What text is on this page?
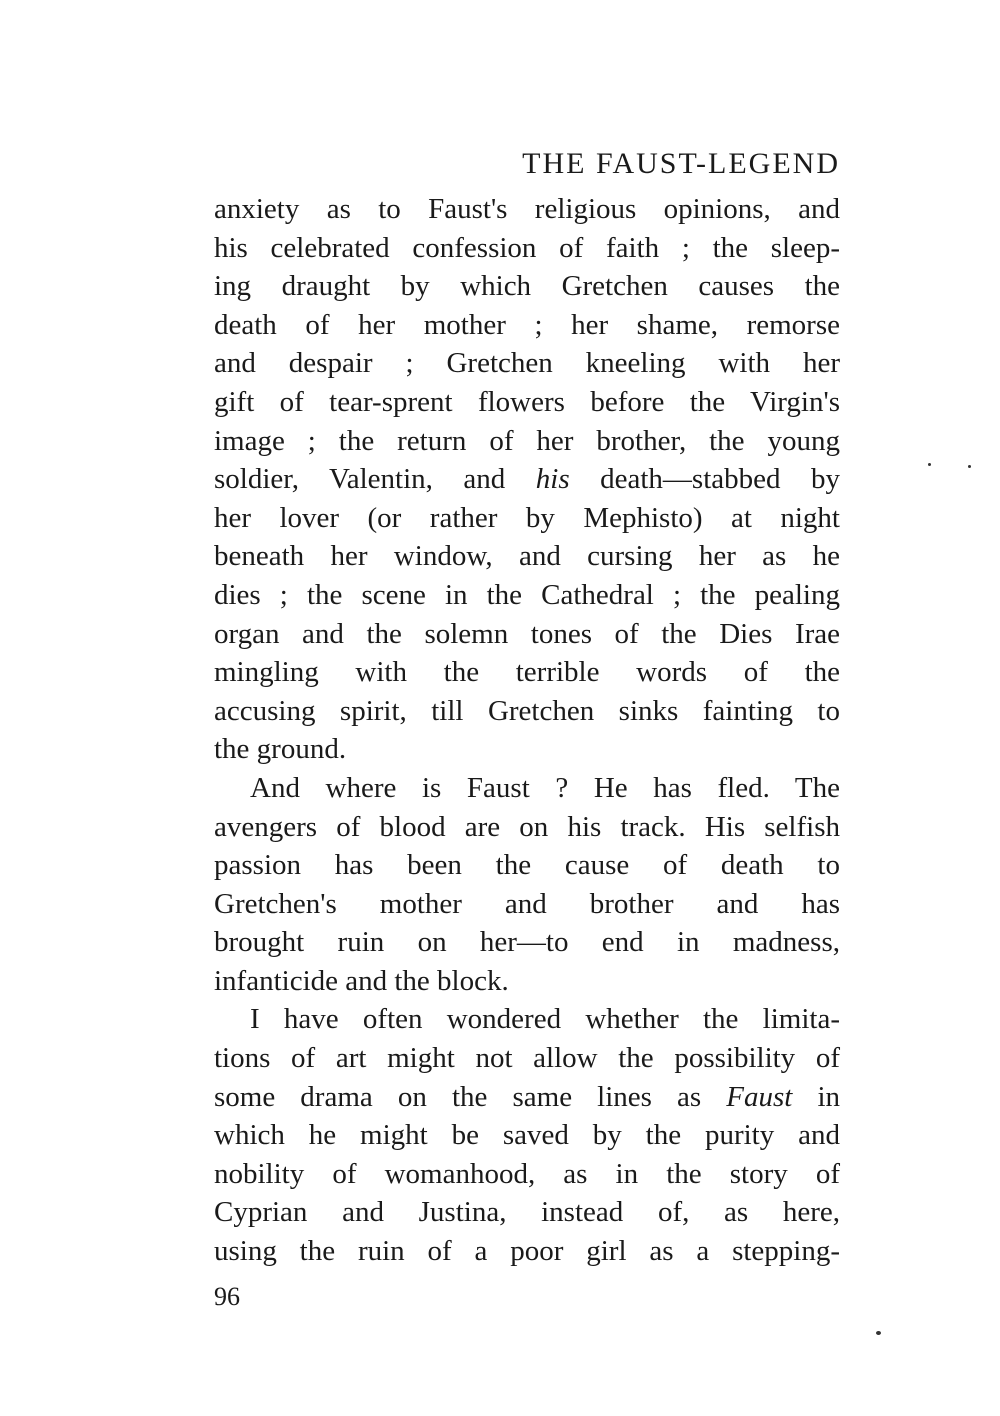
THE FAUST-LEGEND
anxiety as to Faust's religious opinions, and
his celebrated confession of faith ; the sleep-
ing draught by which Gretchen causes the
death of her mother ; her shame, remorse
and despair ; Gretchen kneeling with her
gift of tear-sprent flowers before the Virgin's
image ; the return of her brother, the young
soldier, Valentin, and his death—stabbed by
her lover (or rather by Mephisto) at night
beneath her window, and cursing her as he
dies ; the scene in the Cathedral ; the pealing
organ and the solemn tones of the Dies Irae
mingling with the terrible words of the
accusing spirit, till Gretchen sinks fainting to
the ground.
And where is Faust ? He has fled. The
avengers of blood are on his track. His selfish
passion has been the cause of death to
Gretchen's mother and brother and has
brought ruin on her—to end in madness,
infanticide and the block.
I have often wondered whether the limita-
tions of art might not allow the possibility of
some drama on the same lines as Faust in
which he might be saved by the purity and
nobility of womanhood, as in the story of
Cyprian and Justina, instead of, as here,
using the ruin of a poor girl as a stepping-
96
